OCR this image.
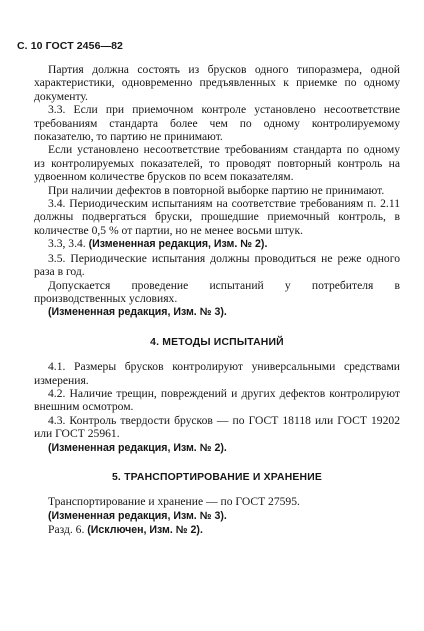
С. 10 ГОСТ 2456—82

Партия должна состоять из брусков одного типоразмера, одной характеристики, одновременно предъявленных к приемке по одному документу.

3.3. Если при приемочном контроле установлено несоответствие требованиям стандарта более чем по одному контролируемому показателю, то партию не принимают.

Если установлено несоответствие требованиям стандарта по одному из контролируемых показателей, то проводят повторный контроль на удвоенном количестве брусков по всем показателям.

При наличии дефектов в повторной выборке партию не принимают.

3.4. Периодическим испытаниям на соответствие требованиям п. 2.11 должны подвергаться бруски, прошедшие приемочный контроль, в количестве 0,5 % от партии, но не менее восьми штук.

3.3, 3.4. (Измененная редакция, Изм. № 2).

3.5. Периодические испытания должны проводиться не реже одного раза в год.

Допускается проведение испытаний у потребителя в производственных условиях.

(Измененная редакция, Изм. № 3).

4. МЕТОДЫ ИСПЫТАНИЙ

4.1. Размеры брусков контролируют универсальными средствами измерения.

4.2. Наличие трещин, повреждений и других дефектов контролируют внешним осмотром.

4.3. Контроль твердости брусков — по ГОСТ 18118 или ГОСТ 19202 или ГОСТ 25961.

(Измененная редакция, Изм. № 2).

5. ТРАНСПОРТИРОВАНИЕ И ХРАНЕНИЕ

Транспортирование и хранение — по ГОСТ 27595.

(Измененная редакция, Изм. № 3).

Разд. 6. (Исключен, Изм. № 2).
